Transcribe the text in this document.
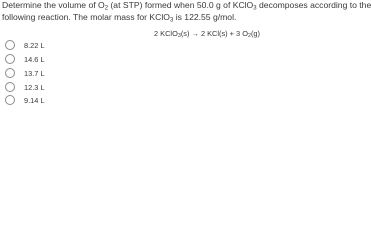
Determine the volume of $O_2$ (at STP) formed when 50.0 g of KClO$_3$ decomposes according to the
following reaction. The molar mass for KClO$_3$ is 122.55 g/mol.
2 KClO$_3$(s) → 2 KCl(s) + 3 $O_2(g)$
8.22 L
14.6 L
13.7 L
12.3 L
9.14 L
